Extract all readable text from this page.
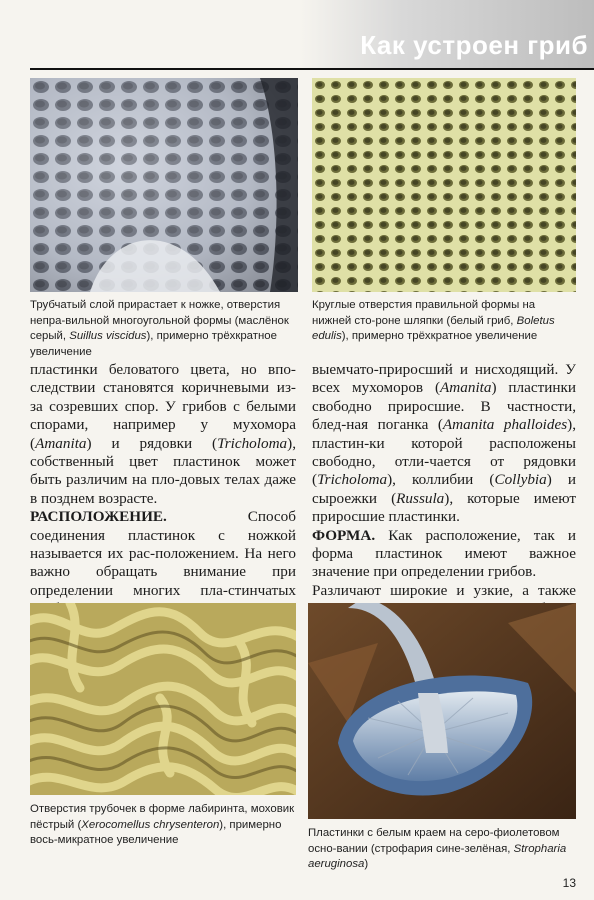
Как устроен гриб
Трубчатый слой прирастает к ножке, отверстия непра-вильной многоугольной формы (маслёнок серый, Suillus viscidus), примерно трёхкратное увеличение
Круглые отверстия правильной формы на нижней сто-роне шляпки (белый гриб, Boletus edulis), примерно трёхкратное увеличение

пластинки беловатого цвета, но впо-следствии становятся коричневыми из-за созревших спор. У грибов с белыми спорами, например у мухомора (Amanita) и рядовки (Tricholoma), собственный цвет пластинок может быть различим на пло-довых телах даже в позднем возрасте.

РАСПОЛОЖЕНИЕ.	Способ соединения пластинок с ножкой называется их рас-положением. На него важно обращать внимание при определении многих пла-стинчатых

выемчато-приросший и нисходящий. У всех мухоморов (Amanita) пластинки свободно приросшие. В частности, блед-ная поганка (Amanita phalloides), пластин-ки которой расположены свободно, отли-чается от рядовки (Tricholoma), коллибии (Collybia) и сыроежки (Russula), которые имеют приросшие пластинки.

ФОРМА. Как расположение, так и форма пластинок имеют важное значение при определении грибов.

Различают широкие и узкие, а также

Отверстия трубочек в форме лабиринта, моховик пёстрый (Xerocomellus chrysenteron), примерно вось-микратное увеличение
Пластинки с белым краем на серо-фиолетовом осно-вании (строфария сине-зелёная, Stropharia aeruginosa)
13
